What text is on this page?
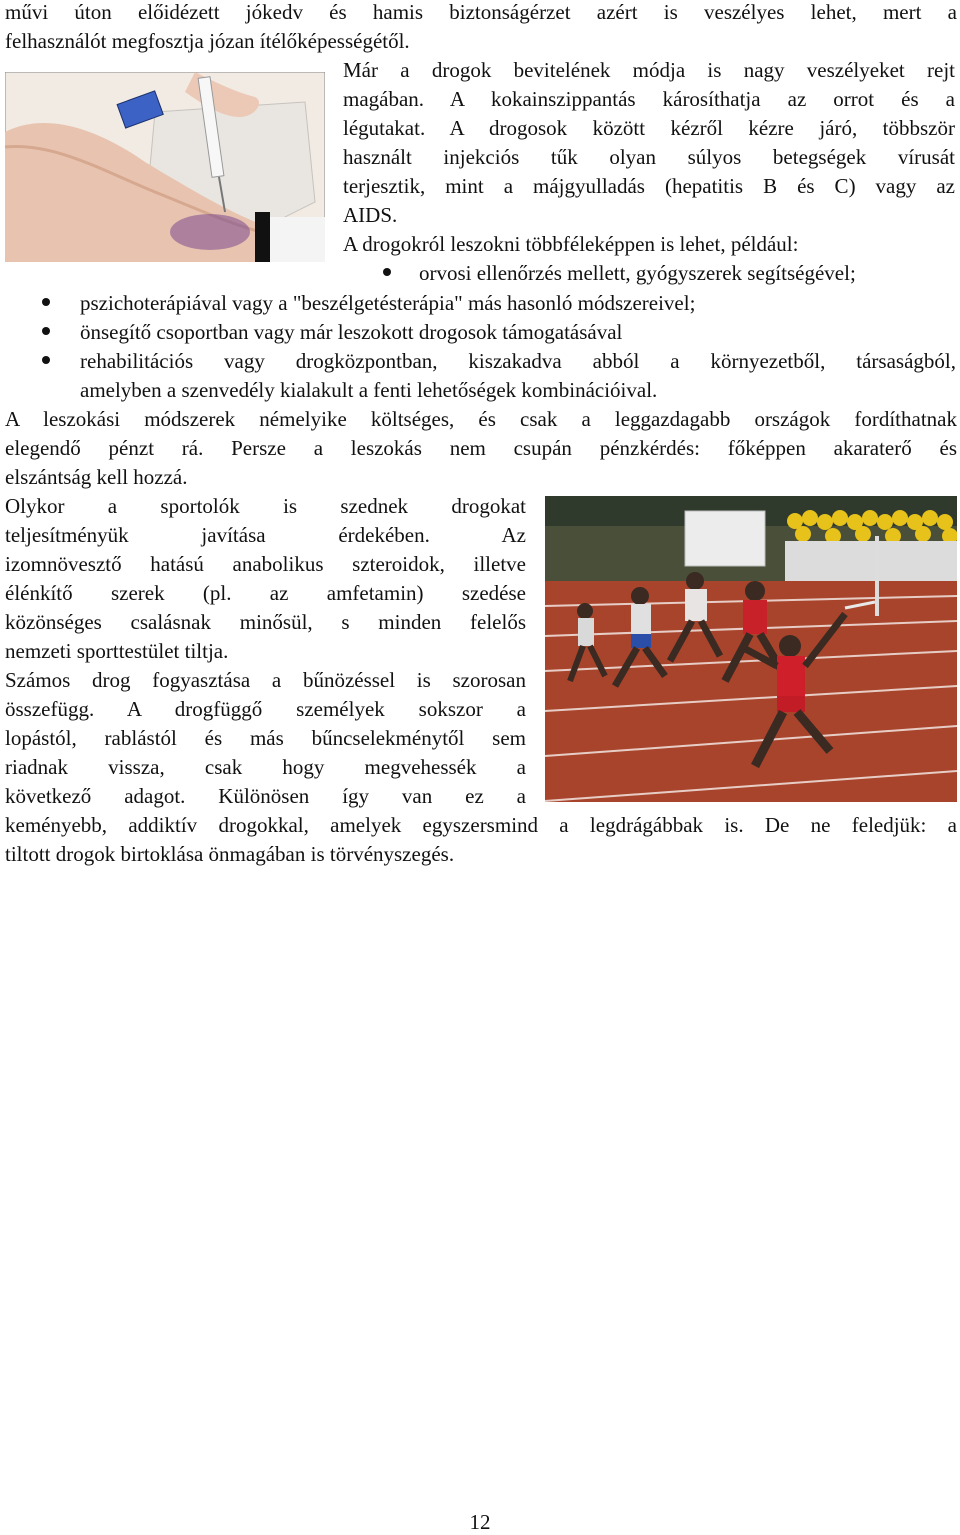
művi úton előidézett jókedv és hamis biztonságérzet azért is veszélyes lehet, mert a
felhasználót megfosztja józan ítélőképességétől.
Már a drogok bevitelének módja is nagy veszélyeket rejt
magában. A kokainszippantás károsíthatja az orrot és a
légutakat. A drogosok között kézről kézre járó, többször
használt injekciós tűk olyan súlyos betegségek vírusát
terjesztik, mint a májgyulladás (hepatitis B és C) vagy az
AIDS.
A drogokról leszokni többféleképpen is lehet, például:
orvosi ellenőrzés mellett, gyógyszerek segítségével;
pszichoterápiával vagy a "beszélgetésterápia" más hasonló módszereivel;
önsegítő csoportban vagy már leszokott drogosok támogatásával
rehabilitációs vagy drogközpontban, kiszakadva abból a környezetből, társaságból,
amelyben a szenvedély kialakult a fenti lehetőségek kombinációival.
A leszokási módszerek némelyike költséges, és csak a leggazdagabb országok fordíthatnak
elegendő pénzt rá. Persze a leszokás nem csupán pénzkérdés: főképpen akaraterő és
elszántság kell hozzá.
Olykor a sportolók is szednek drogokat
teljesítményük javítása érdekében. Az
izomnövesztő hatású anabolikus szteroidok, illetve
élénkítő szerek (pl. az amfetamin) szedése
közönséges csalásnak minősül, s minden felelős
nemzeti sporttestület tiltja.
Számos drog fogyasztása a bűnözéssel is szorosan
összefügg. A drogfüggő személyek sokszor a
lopástól, rablástól és más bűncselekménytől sem
riadnak vissza, csak hogy megvehessék a
következő adagot. Különösen így van ez a
keményebb, addiktív drogokkal, amelyek egyszersmind a legdrágábbak is. De ne feledjük: a
tiltott drogok birtoklása önmagában is törvényszegés.
12
